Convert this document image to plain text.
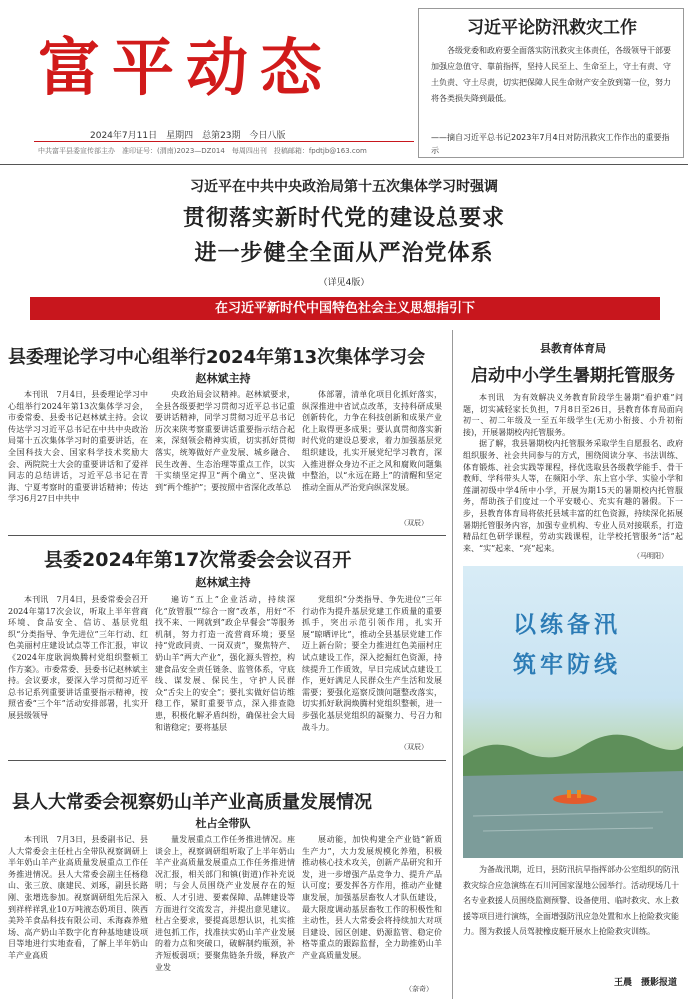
富平动态
2024年7月11日　星期四　总第23期　今日八版
中共富平县委宣传部主办　准印证号：(渭南)2023—DZ014　每周四出刊　投稿邮箱：fpdtjb@163.com
习近平论防汛救灾工作
各级党委和政府要全面落实防汛救灾主体责任，各级领导干部要加强应急值守、靠前指挥，坚持人民至上、生命至上，守土有责、守土负责、守土尽责，切实把保障人民生命财产安全放到第一位，努力将各类损失降到最低。
——摘自习近平总书记2023年7月4日对防汛救灾工作作出的重要指示
习近平在中共中央政治局第十五次集体学习时强调
贯彻落实新时代党的建设总要求
进一步健全全面从严治党体系
（详见4版）
在习近平新时代中国特色社会主义思想指引下
县委理论学习中心组举行2024年第13次集体学习会
赵林斌主持

本刊讯　7月4日，县委理论学习中心组举行2024年第13次集体学习会，市委常委、县委书记赵林斌主持。会议传达学习习近平总书记在中共中央政治局第十五次集体学习时的重要讲话，在全国科技大会、国家科学技术奖励大会、两院院士大会的重要讲话和了爱祥同志的总结讲话，习近平总书记在青海、宁夏考察时的重要讲话精神；传达学习6月27日中共中

央政治局会议精神。赵林斌要求，全县各级要把学习贯彻习近平总书记重要讲话精神，同学习贯彻习近平总书记历次来陕考察重要讲话重要指示结合起来，深刻领会精神实质，切实抓好贯彻落实，统筹做好产业发展、城乡融合、民生改善、生态治理等重点工作，以实干实绩坚定捍卫“两个确立”、坚决做到“两个维护”；要按照中省深化改革总

体部署，清单化项目化抓好落实，纵深推进中省试点改革，支持科研成果创新转化，力争在科技创新和成果产业化上取得更多成果；要认真贯彻落实新时代党的建设总要求，着力加强基层党组织建设，扎实开展党纪学习教育，深入推进群众身边不正之风和腐败问题集中整治，以“永远在路上”的清醒和坚定推动全面从严治党向纵深发展。

（双辰）
县委2024年第17次常委会会议召开
赵林斌主持

本刊讯　7月4日，县委常委会召开2024年第17次会议，听取上半年营商环境、食品安全、信访、基层党组织“分类指导、争先进位”三年行动、红色美丽村庄建设试点等工作汇报，审议《2024年度耿润焕腾村党组织整顿工作方案》。市委常委、县委书记赵林斌主持。会议要求，要深入学习贯彻习近平总书记系列重要讲话重要指示精神，按照省委“三个年”活动安排部署，扎实开展县级领导

遍访“五上”企业活动，持续深化“放管服”“综合一窗”改革，用好“不找不来、一网就到”政企早餐会”等服务机制，努力打造一流营商环境；要坚持“党政同责、一岗双责”，聚焦特产、奶山羊“两大产业”，强化源头管控，构建食品安全责任链条、监管体系，守底线、谋发展、保民生，守护人民群众“舌尖上的安全”；要扎实做好信访维稳工作，紧盯重要节点，深入排查隐患，积极化解矛盾纠纷，确保社会大局和谐稳定；要将基层

党组织“分类指导、争先进位”三年行动作为提升基层党建工作质量的重要抓手，突出示范引领作用，扎实开展“晾晒评比”，推动全县基层党建工作迈上新台阶；要全力推进红色美丽村庄试点建设工作，深入挖掘红色资源，持续提升工作质效，早日完成试点建设工作，更好满足人民群众生产生活和发展需要；要强化巡察反馈问题整改落实，切实抓好耿润焕腾村党组织整顿，进一步强化基层党组织的凝聚力、号召力和战斗力。

（双辰）
县人大常委会视察奶山羊产业高质量发展情况
杜占全带队

本刊讯　7月3日，县委副书记、县人大常委会主任杜占全带队视察调研上半年奶山羊产业高质量发展重点工作任务推进情况。县人大常委会副主任杨稳山、张三放、康建民、刘琢，副县长路刚、张增选参加。视察调研组先后深入到祥样祥乳业10万吨液态奶项目、陕西美羚羊食品科技有限公司、禾海森养殖场、高产奶山羊数字化育种基地建设项目等地进行实地查看，了解上半年奶山羊产业高质

量发展重点工作任务推进情况。座谈会上，视察调研组听取了上半年奶山羊产业高质量发展重点工作任务推进情况汇报，相关部门和镇(街道)作补充说明；与会人员围绕产业发展存在的短板、人才引进、要素保障、品牌建设等方面进行交流发言，并提出意见建议。杜占全要求，要提高思想认识，扎实推进包抓工作，找准扶实奶山羊产业发展的着力点和突破口，破解制约瓶颈，补齐短板弱项；要聚焦链条升级，释放产业发

展动能，加快构建全产业链“新质生产力”，大力发展规模化养殖，积极推动核心技术攻关，创新产品研究和开发，进一步增强产品竞争力、提升产品认可度；要发挥各方作用，推动产业健康发展，加强基层畜牧人才队伍建设，最大限度调动基层畜牧工作的积极性和主动性，县人大常委会将持续加大对项目建设、园区创建、奶源监管、稳定价格等重点的跟踪监督，全力助推奶山羊产业高质量发展。

（奈奇）
县教育体育局
启动中小学生暑期托管服务

本刊讯　为有效解决义务教育阶段学生暑期“看护难”问题，切实减轻家长负担，7月8日至26日，县教育体育局面向初一、初二年级及一至五年级学生(无劝小衔接、小升初衔接)，开展暑期校内托管服务。

据了解，我县暑期校内托管服务采取学生自愿报名、政府组织服务、社会共同参与的方式，围绕阅读分享、书法训练、体育锻炼、社会实践等课程，择优选取县各级教学能手、骨干教师、学科带头人等，在频阳小学、东上官小学、实验小学和莲湖初级中学4所中小学，开展为期15天的暑期校内托管服务，帮助孩子们度过一个平安暖心、充实有趣的暑假。下一步，县教育体育局将依托县域丰富的红色资源，持续深化拓展暑期托管服务内容，加强专业机构、专业人员对接联系，打造精品红色研学课程，劳动实践课程，让学校托管服务“活”起来、“实”起来、“亮”起来。

（马明阳）
以练备汛
筑牢防线
为备战汛期，近日，县防汛抗旱指挥部办公室组织的防汛救灾综合应急演练在石川河国家湿地公园举行。活动现场几十名专业救援人员围绕监测预警、设备使用、临时救灾、水上救援等项目进行演练，全面增强防汛应急处置和水上抢险救灾能力。图为救援人员驾驶橡皮艇开展水上抢险救灾训练。
王晨　摄影报道
